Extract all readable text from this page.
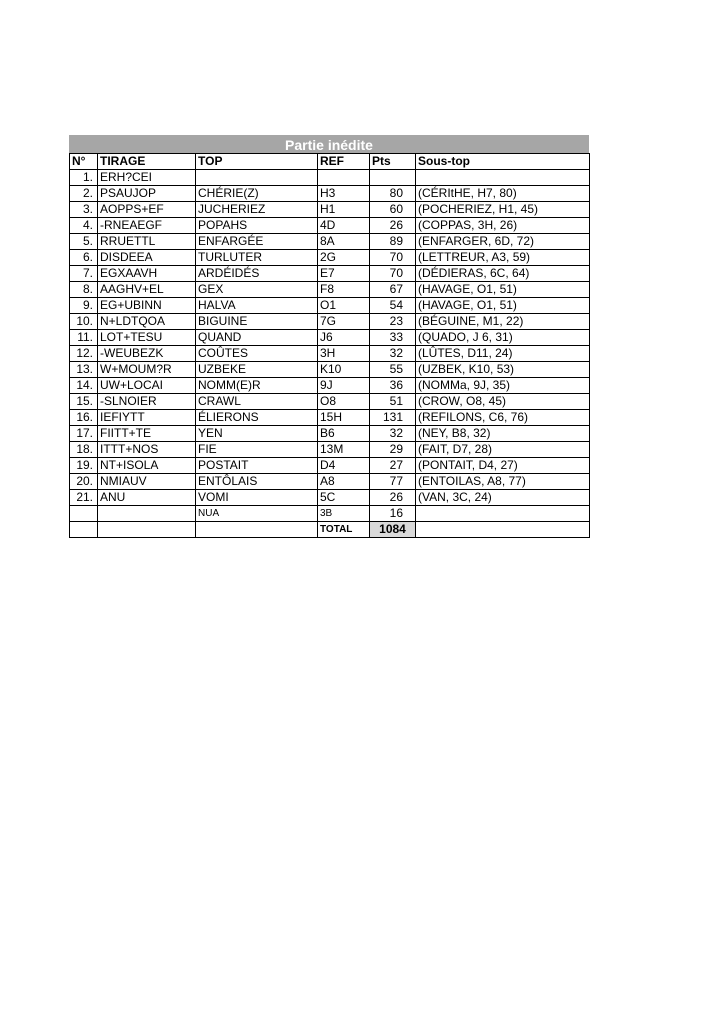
Partie inédite
N°	TIRAGE	TOP	REF	Pts	Sous-top
1.	ERH?CEI				
2.	PSAUJOP	CHÉRIE(Z)	H3	80	(CÉRItHE, H7, 80)
3.	AOPPS+EF	JUCHERIEZ	H1	60	(POCHERIEZ, H1, 45)
4.	-RNEAEGF	POPAHS	4D	26	(COPPAS, 3H, 26)
5.	RRUETTL	ENFARGÉE	8A	89	(ENFARGER, 6D, 72)
6.	DISDEEA	TURLUTER	2G	70	(LETTREUR, A3, 59)
7.	EGXAAVH	ARDÉIDÉS	E7	70	(DÉDIERAS, 6C, 64)
8.	AAGHV+EL	GEX	F8	67	(HAVAGE, O1, 51)
9.	EG+UBINN	HALVA	O1	54	(HAVAGE, O1, 51)
10.	N+LDTQOA	BIGUINE	7G	23	(BÉGUINE, M1, 22)
11.	LOT+TESU	QUAND	J6	33	(QUADO, J 6, 31)
12.	-WEUBEZK	COÛTES	3H	32	(LÛTES, D11, 24)
13.	W+MOUM?R	UZBEKE	K10	55	(UZBEK, K10, 53)
14.	UW+LOCAI	NOMM(E)R	9J	36	(NOMMa, 9J, 35)
15.	-SLNOIER	CRAWL	O8	51	(CROW, O8, 45)
16.	IEFIYTT	ÉLIERONS	15H	131	(REFILONS, C6, 76)
17.	FIITT+TE	YEN	B6	32	(NEY, B8, 32)
18.	ITTT+NOS	FIE	13M	29	(FAIT, D7, 28)
19.	NT+ISOLA	POSTAIT	D4	27	(PONTAIT, D4, 27)
20.	NMIAUV	ENTÔLAIS	A8	77	(ENTOILAS, A8, 77)
21.	ANU	VOMI	5C	26	(VAN, 3C, 24)
		NUA	3B	16	
			TOTAL	1084	
